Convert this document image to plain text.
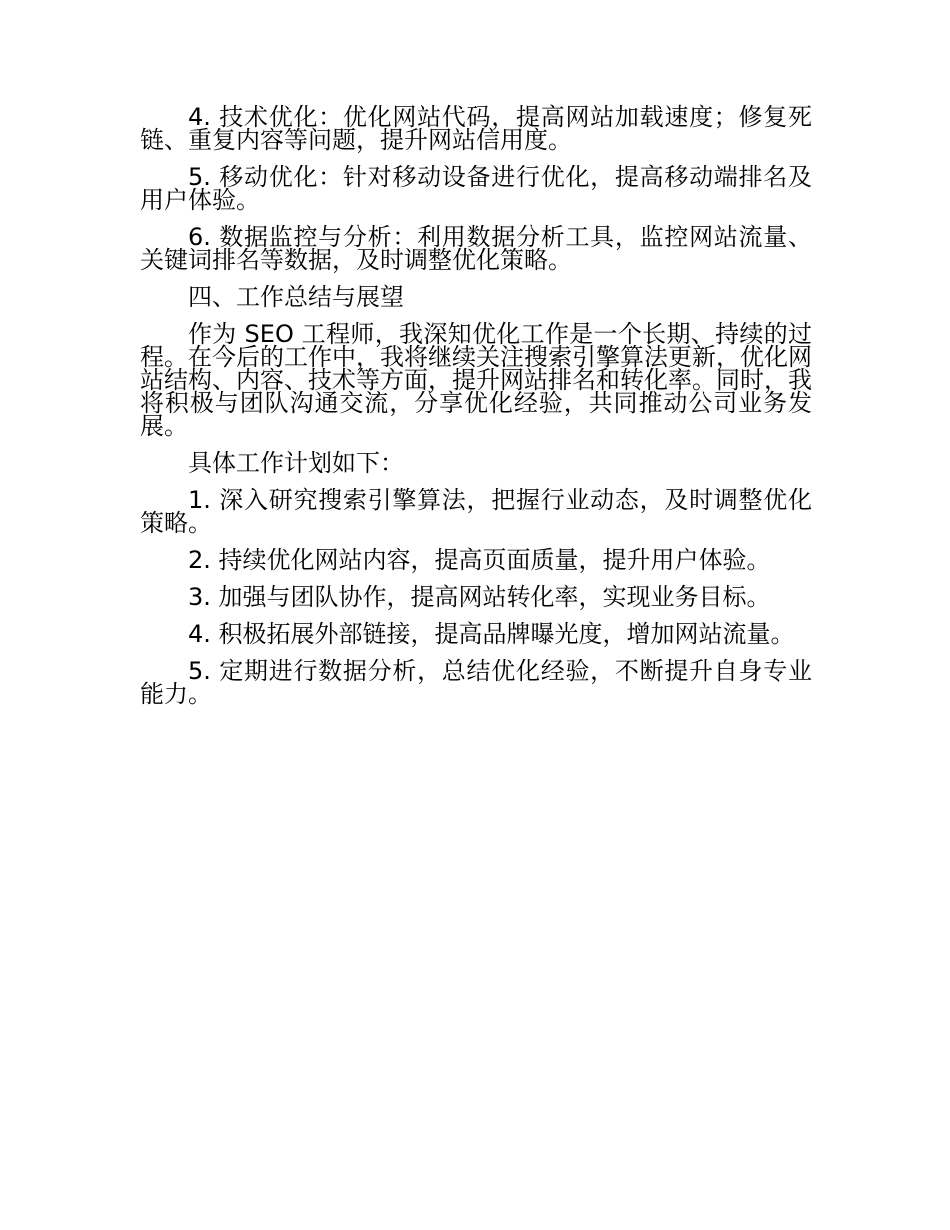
4. 技术优化：优化网站代码，提高网站加载速度；修复死链、重复内容等问题，提升网站信用度。

5. 移动优化：针对移动设备进行优化，提高移动端排名及用户体验。

6. 数据监控与分析：利用数据分析工具，监控网站流量、关键词排名等数据，及时调整优化策略。

四、工作总结与展望

作为 SEO 工程师，我深知优化工作是一个长期、持续的过程。在今后的工作中，我将继续关注搜索引擎算法更新，优化网站结构、内容、技术等方面，提升网站排名和转化率。同时，我将积极与团队沟通交流，分享优化经验，共同推动公司业务发展。

具体工作计划如下：

1. 深入研究搜索引擎算法，把握行业动态，及时调整优化策略。

2. 持续优化网站内容，提高页面质量，提升用户体验。

3. 加强与团队协作，提高网站转化率，实现业务目标。

4. 积极拓展外部链接，提高品牌曝光度，增加网站流量。

5. 定期进行数据分析，总结优化经验，不断提升自身专业能力。
